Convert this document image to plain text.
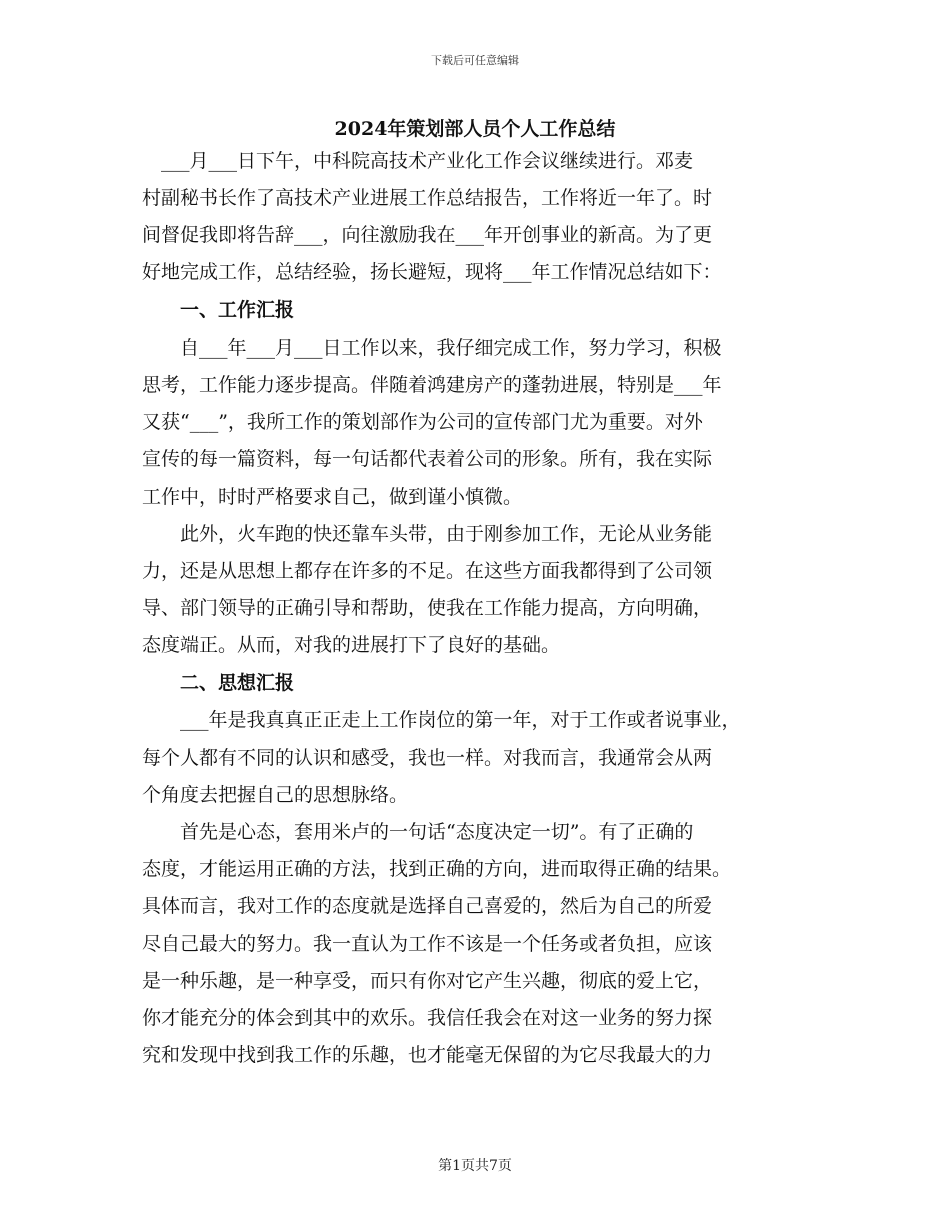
下载后可任意编辑
2024年策划部人员个人工作总结
　___月___日下午，中科院高技术产业化工作会议继续进行。邓麦
村副秘书长作了高技术产业进展工作总结报告，工作将近一年了。时
间督促我即将告辞___，向往激励我在___年开创事业的新高。为了更
好地完成工作，总结经验，扬长避短，现将___年工作情况总结如下：
　　一、工作汇报
　　自___年___月___日工作以来，我仔细完成工作，努力学习，积极
思考，工作能力逐步提高。伴随着鸿建房产的蓬勃进展，特别是___年
又获“___”，我所工作的策划部作为公司的宣传部门尤为重要。对外
宣传的每一篇资料，每一句话都代表着公司的形象。所有，我在实际
工作中，时时严格要求自己，做到谨小慎微。
　　此外，火车跑的快还靠车头带，由于刚参加工作，无论从业务能
力，还是从思想上都存在许多的不足。在这些方面我都得到了公司领
导、部门领导的正确引导和帮助，使我在工作能力提高，方向明确，
态度端正。从而，对我的进展打下了良好的基础。
　　二、思想汇报
　　___年是我真真正正走上工作岗位的第一年，对于工作或者说事业，
每个人都有不同的认识和感受，我也一样。对我而言，我通常会从两
个角度去把握自己的思想脉络。
　　首先是心态，套用米卢的一句话“态度决定一切”。有了正确的
态度，才能运用正确的方法，找到正确的方向，进而取得正确的结果。
具体而言，我对工作的态度就是选择自己喜爱的，然后为自己的所爱
尽自己最大的努力。我一直认为工作不该是一个任务或者负担，应该
是一种乐趣，是一种享受，而只有你对它产生兴趣，彻底的爱上它，
你才能充分的体会到其中的欢乐。我信任我会在对这一业务的努力探
究和发现中找到我工作的乐趣，也才能毫无保留的为它尽我最大的力
第1页共7页
